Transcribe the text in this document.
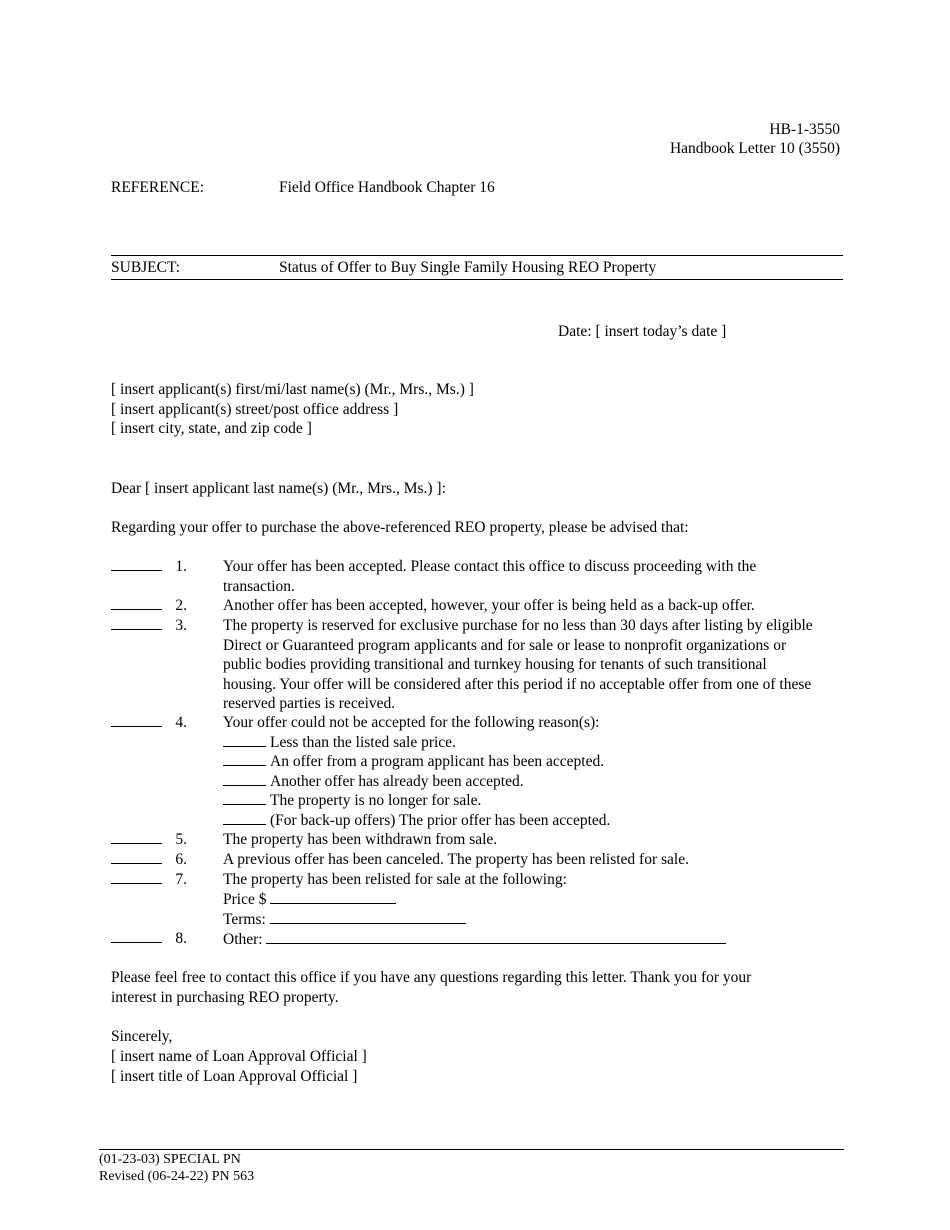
HB-1-3550
Handbook Letter 10 (3550)
REFERENCE:	Field Office Handbook Chapter 16
SUBJECT:	Status of Offer to Buy Single Family Housing REO Property
Date: [ insert today’s date ]
[ insert applicant(s) first/mi/last name(s) (Mr., Mrs., Ms.) ]
[ insert applicant(s) street/post office address ]
[ insert city, state, and zip code ]
Dear [ insert applicant last name(s) (Mr., Mrs., Ms.) ]:
Regarding your offer to purchase the above-referenced REO property, please be advised that:
1. Your offer has been accepted. Please contact this office to discuss proceeding with the transaction.
2. Another offer has been accepted, however, your offer is being held as a back-up offer.
3. The property is reserved for exclusive purchase for no less than 30 days after listing by eligible Direct or Guaranteed program applicants and for sale or lease to nonprofit organizations or public bodies providing transitional and turnkey housing for tenants of such transitional housing. Your offer will be considered after this period if no acceptable offer from one of these reserved parties is received.
4. Your offer could not be accepted for the following reason(s):
Less than the listed sale price.
An offer from a program applicant has been accepted.
Another offer has already been accepted.
The property is no longer for sale.
(For back-up offers) The prior offer has been accepted.
5. The property has been withdrawn from sale.
6. A previous offer has been canceled. The property has been relisted for sale.
7. The property has been relisted for sale at the following:
Price $
Terms:
8. Other:
Please feel free to contact this office if you have any questions regarding this letter. Thank you for your
interest in purchasing REO property.
Sincerely,
[ insert name of Loan Approval Official ]
[ insert title of Loan Approval Official ]
(01-23-03) SPECIAL PN
Revised (06-24-22) PN 563
